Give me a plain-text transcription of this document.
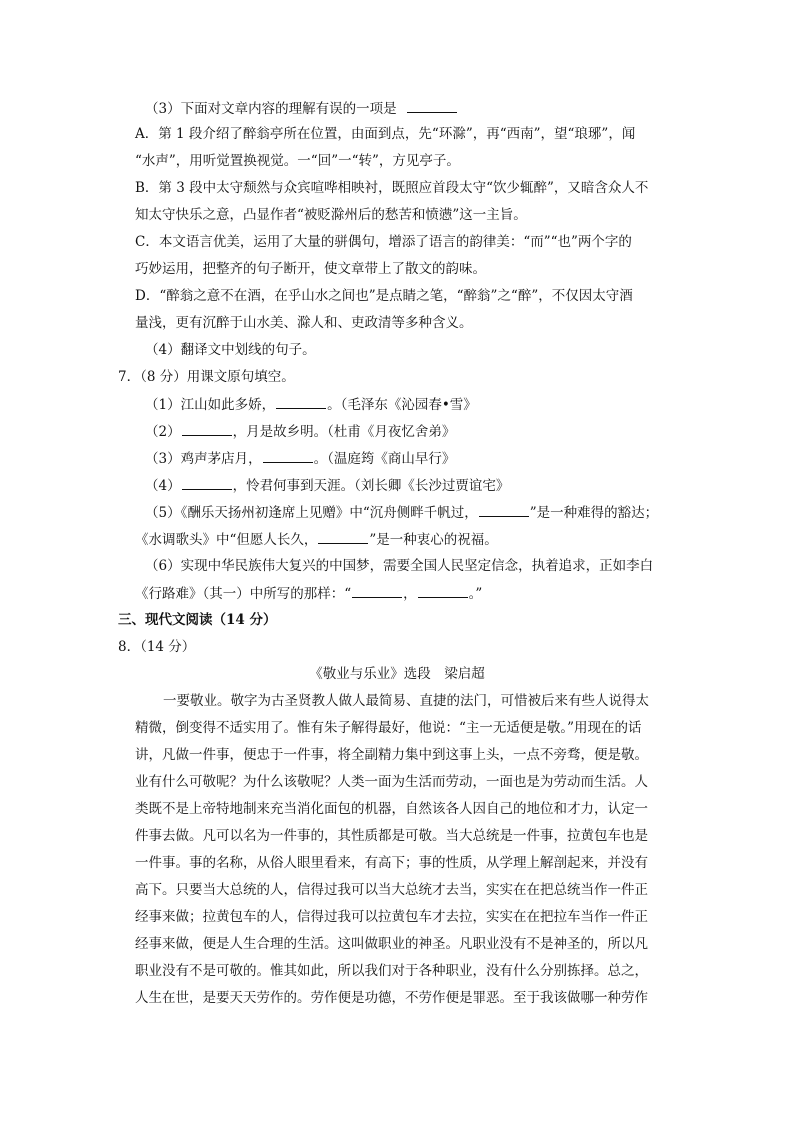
（3）下面对文章内容的理解有误的一项是
A．第 1 段介绍了醉翁亭所在位置，由面到点，先“环滁”，再“西南”，望“琅琊”，闻
“水声”，用听觉置换视觉。一“回”一“转”，方见亭子。
B．第 3 段中太守颓然与众宾喧哗相映衬，既照应首段太守“饮少辄醉”，又暗含众人不
知太守快乐之意，凸显作者“被贬滁州后的愁苦和愤懑”这一主旨。
C．本文语言优美，运用了大量的骈偶句，增添了语言的韵律美：“而”“也”两个字的
巧妙运用，把整齐的句子断开，使文章带上了散文的韵味。
D．“醉翁之意不在酒，在乎山水之间也”是点睛之笔，“醉翁”之“醉”，不仅因太守酒
量浅，更有沉醉于山水美、滁人和、吏政清等多种含义。
（4）翻译文中划线的句子。
7．（8 分）用课文原句填空。
（1）江山如此多娇，	。（毛泽东《沁园春•雪》
（2）	，月是故乡明。（杜甫《月夜忆舍弟》
（3）鸡声茅店月，	。（温庭筠《商山早行》
（4）	，怜君何事到天涯。（刘长卿《长沙过贾谊宅》
（5）《酬乐天扬州初逢席上见赠》中“沉舟侧畔千帆过，	”是一种难得的豁达；
《水调歌头》中“但愿人长久，	”是一种衷心的祝福。
（6）实现中华民族伟大复兴的中国梦，需要全国人民坚定信念，执着追求，正如李白
《行路难》（其一）中所写的那样：“	，	。”
三、现代文阅读（14 分）
8．（14 分）
《敬业与乐业》选段　梁启超
一要敬业。敬字为古圣贤教人做人最简易、直捷的法门，可惜被后来有些人说得太
精微，倒变得不适实用了。惟有朱子解得最好，他说：“主一无适便是敬。”用现在的话
讲，凡做一件事，便忠于一件事，将全副精力集中到这事上头，一点不旁骛，便是敬。
业有什么可敬呢？为什么该敬呢？人类一面为生活而劳动，一面也是为劳动而生活。人
类既不是上帝特地制来充当消化面包的机器，自然该各人因自己的地位和才力，认定一
件事去做。凡可以名为一件事的，其性质都是可敬。当大总统是一件事，拉黄包车也是
一件事。事的名称，从俗人眼里看来，有高下；事的性质，从学理上解剖起来，并没有
高下。只要当大总统的人，信得过我可以当大总统才去当，实实在在把总统当作一件正
经事来做；拉黄包车的人，信得过我可以拉黄包车才去拉，实实在在把拉车当作一件正
经事来做，便是人生合理的生活。这叫做职业的神圣。凡职业没有不是神圣的，所以凡
职业没有不是可敬的。惟其如此，所以我们对于各种职业，没有什么分别拣择。总之，
人生在世，是要天天劳作的。劳作便是功德，不劳作便是罪恶。至于我该做哪一种劳作
